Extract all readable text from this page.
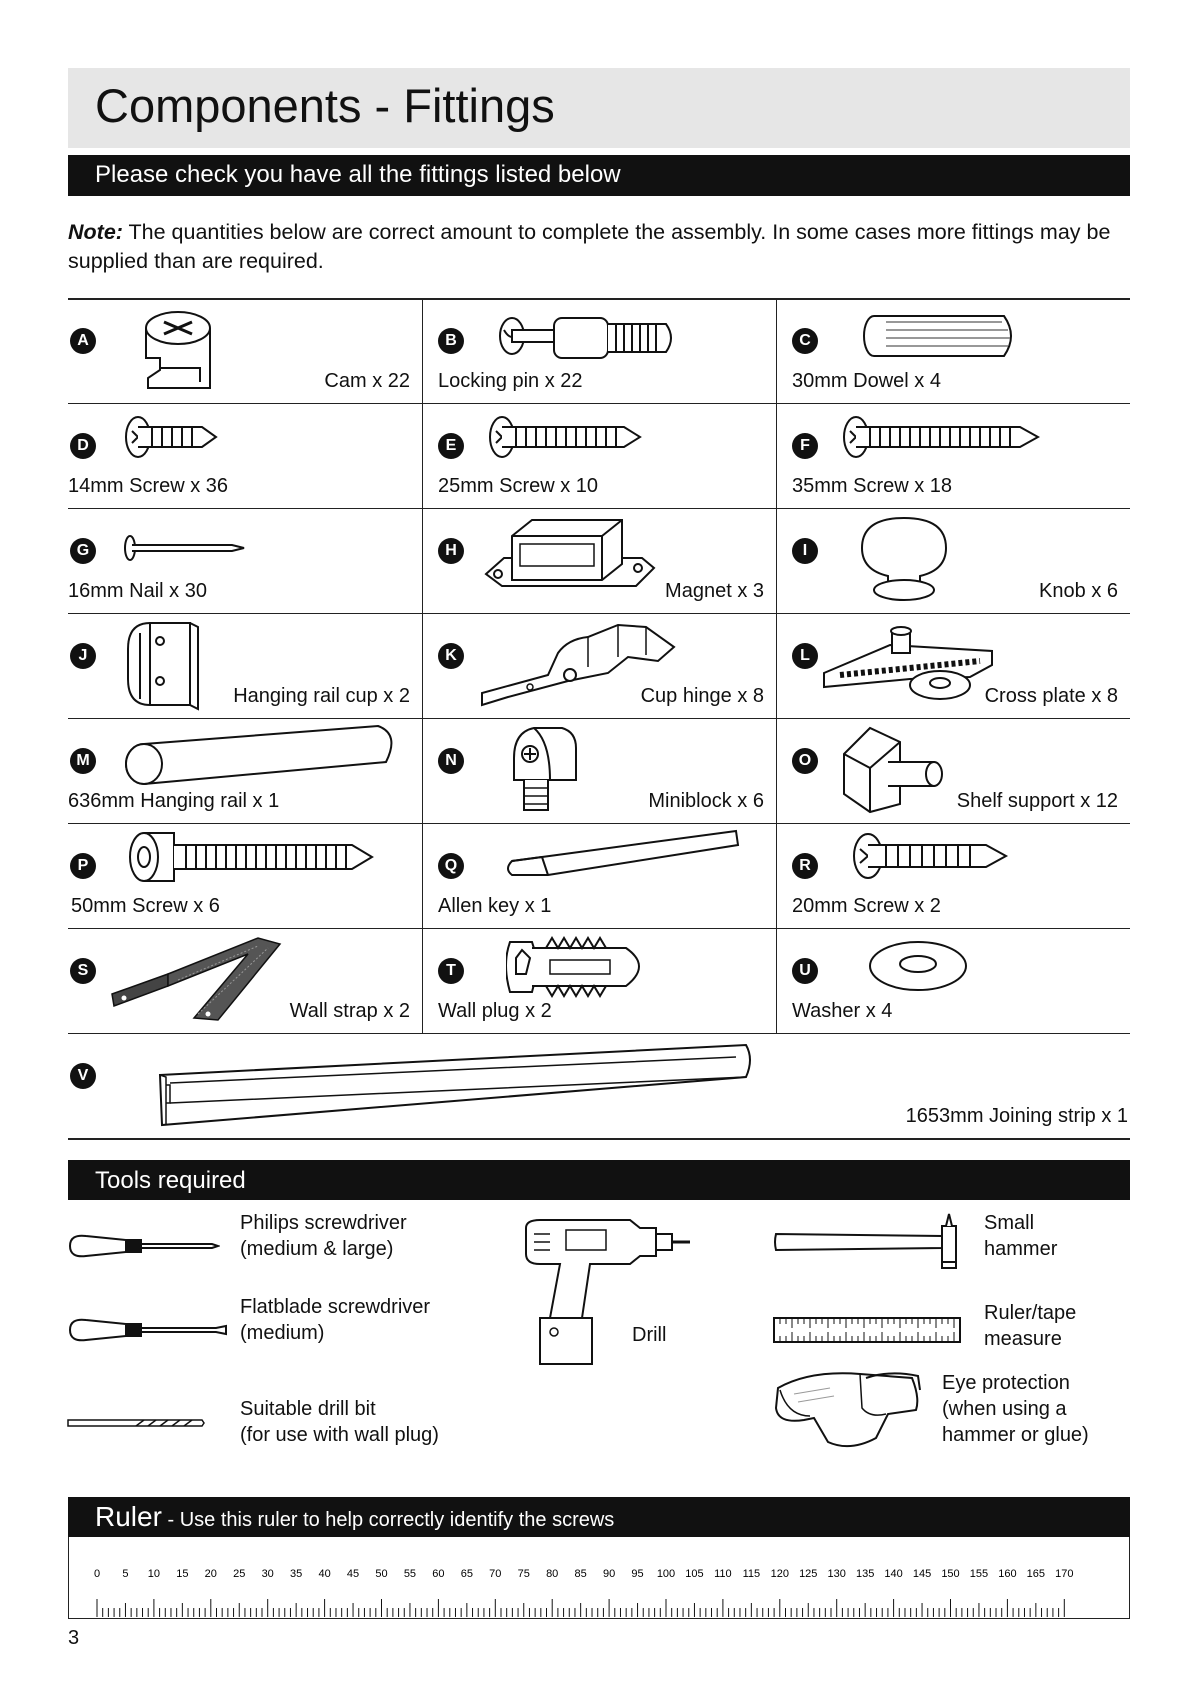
Components - Fittings
Please check you have all the fittings listed below
Note: The quantities below are correct amount to complete the assembly. In some cases more fittings may be supplied than are required.
A
Cam x 22
B
Locking pin x 22
C
30mm Dowel x 4
D
14mm Screw x 36
E
25mm Screw x 10
F
35mm Screw x 18
G
16mm Nail x 30
H
Magnet x 3
I
Knob x 6
J
Hanging rail cup x 2
K
Cup hinge x 8
L
Cross plate x 8
M
636mm Hanging rail x 1
N
Miniblock x 6
O
Shelf support x 12
P
50mm Screw x 6
Q
Allen key x 1
R
20mm Screw x 2
S
Wall strap x 2
T
Wall plug x 2
U
Washer x 4
V
1653mm Joining strip x 1
Tools required
Philips screwdriver
(medium & large)
Flatblade screwdriver
(medium)
Suitable drill bit
(for use with wall plug)
Drill
Small
hammer
Ruler/tape
measure
Eye protection
(when using a
hammer or glue)
Ruler - Use this ruler to help correctly identify the screws
0 5 10 15 20 25 30 35 40 45 50 55 60 65 70 75 80 85 90 95 100 105 110 115 120 125 130 135 140 145 150 155 160 165 170
3
